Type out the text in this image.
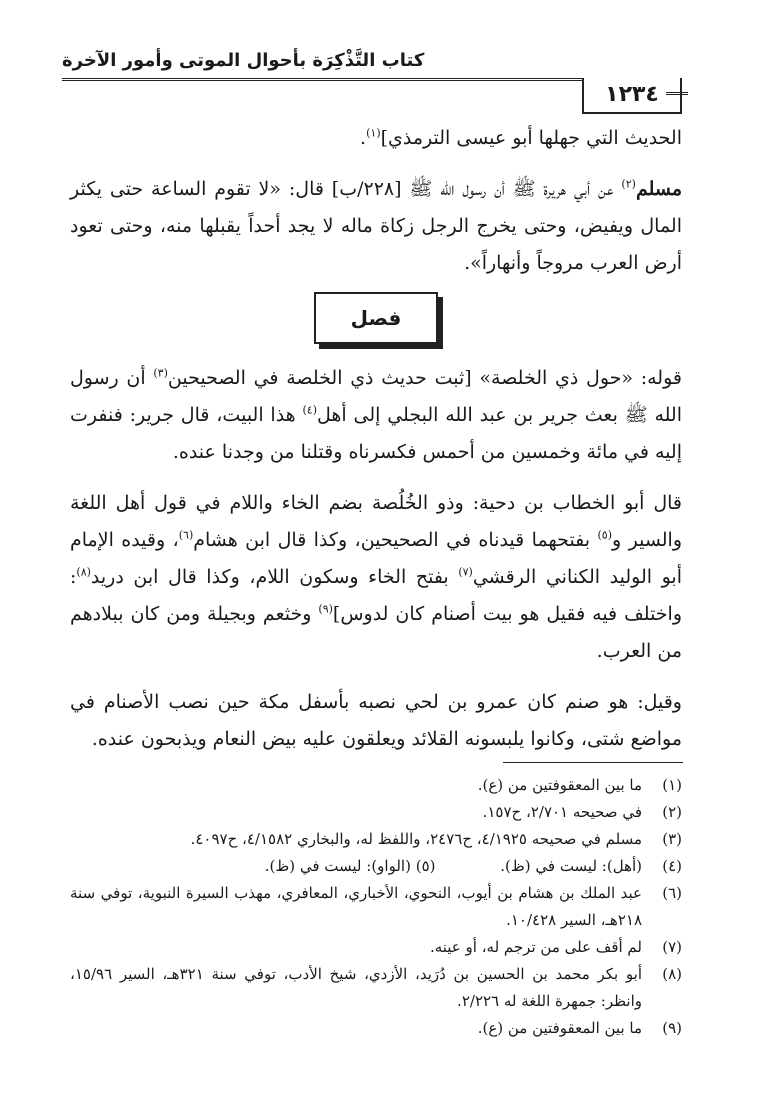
كتاب التَّذْكِرَة بأحوال الموتى وأمور الآخرة
١٢٣٤

الحديث التي جهلها أبو عيسى الترمذي]$^{(١)}$.

مسلم$^{(٢)}$ عن أبي هريرة ﷺ أن رسول الله ﷺ [٢٢٨/ب] قال: «لا تقوم الساعة حتى يكثر المال ويفيض، وحتى يخرج الرجل زكاة ماله لا يجد أحداً يقبلها منه، وحتى تعود أرض العرب مروجاً وأنهاراً».

فصل

قوله: «حول ذي الخلصة» [ثبت حديث ذي الخلصة في الصحيحين$^{(٣)}$ أن رسول الله ﷺ بعث جرير بن عبد الله البجلي إلى أهل$^{(٤)}$ هذا البيت، قال جرير: فنفرت إليه في مائة وخمسين من أحمس فكسرناه وقتلنا من وجدنا عنده.

قال أبو الخطاب بن دحية: وذو الخُلُصة بضم الخاء واللام في قول أهل اللغة والسير و$^{(٥)}$ بفتحهما قيدناه في الصحيحين، وكذا قال ابن هشام$^{(٦)}$، وقيده الإمام أبو الوليد الكناني الرقشي$^{(٧)}$ بفتح الخاء وسكون اللام، وكذا قال ابن دريد$^{(٨)}$: واختلف فيه فقيل هو بيت أصنام كان لدوس]$^{(٩)}$ وخثعم وبجيلة ومن كان ببلادهم من العرب.

وقيل: هو صنم كان عمرو بن لحي نصبه بأسفل مكة حين نصب الأصنام في مواضع شتى، وكانوا يلبسونه القلائد ويعلقون عليه بيض النعام ويذبحون عنده.

(١)
ما بين المعقوفتين من (ع).
(٢)
في صحيحه ٢/٧٠١، ح١٥٧.
(٣)
مسلم في صحيحه ٤/١٩٢٥، ح٢٤٧٦، واللفظ له، والبخاري ٤/١٥٨٢، ح٤٠٩٧.
(٤)
(أهل): ليست في (ظ). (٥) (الواو): ليست في (ظ).
(٦)
عبد الملك بن هشام بن أيوب، النحوي، الأخباري، المعافري، مهذب السيرة النبوية، توفي سنة ٢١٨هـ، السير ١٠/٤٢٨.
(٧)
لم أقف على من ترجم له، أو عينه.
(٨)
أبو بكر محمد بن الحسين بن دُرَيد، الأزدي، شيخ الأدب، توفي سنة ٣٢١هـ، السير ١٥/٩٦، وانظر: جمهرة اللغة له ٢/٢٢٦.
(٩)
ما بين المعقوفتين من (ع).
